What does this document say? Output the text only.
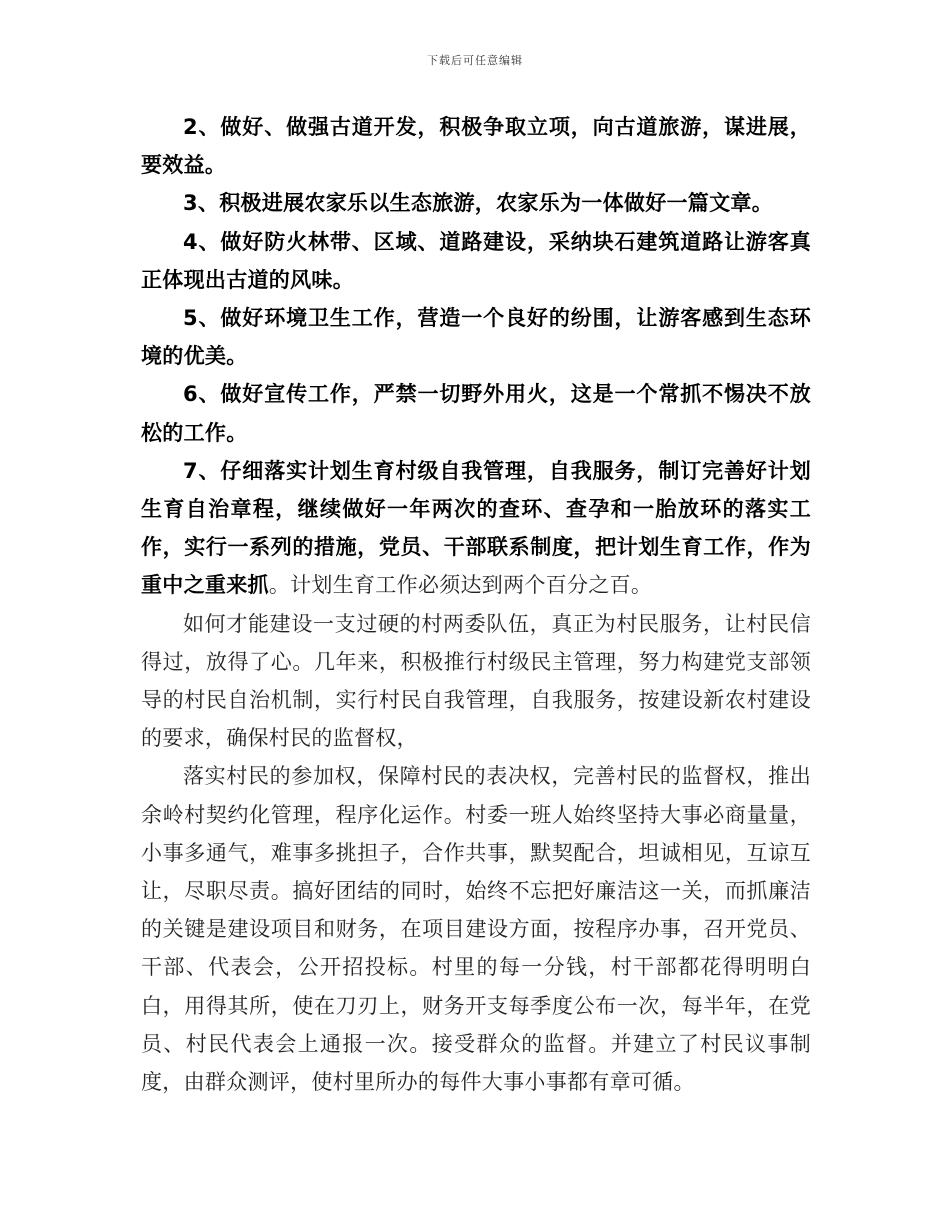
下载后可任意编辑

2、做好、做强古道开发，积极争取立项，向古道旅游，谋进展，要效益。

3、积极进展农家乐以生态旅游，农家乐为一体做好一篇文章。

4、做好防火林带、区域、道路建设，采纳块石建筑道路让游客真正体现出古道的风味。

5、做好环境卫生工作，营造一个良好的纷围，让游客感到生态环境的优美。

6、做好宣传工作，严禁一切野外用火，这是一个常抓不惕决不放松的工作。

7、仔细落实计划生育村级自我管理，自我服务，制订完善好计划生育自治章程，继续做好一年两次的查环、查孕和一胎放环的落实工作，实行一系列的措施，党员、干部联系制度，把计划生育工作，作为重中之重来抓。计划生育工作必须达到两个百分之百。

如何才能建设一支过硬的村两委队伍，真正为村民服务，让村民信得过，放得了心。几年来，积极推行村级民主管理，努力构建党支部领导的村民自治机制，实行村民自我管理，自我服务，按建设新农村建设的要求，确保村民的监督权，

落实村民的参加权，保障村民的表决权，完善村民的监督权，推出余岭村契约化管理，程序化运作。村委一班人始终坚持大事必商量量，小事多通气，难事多挑担子，合作共事，默契配合，坦诚相见，互谅互让，尽职尽责。搞好团结的同时，始终不忘把好廉洁这一关，而抓廉洁的关键是建设项目和财务，在项目建设方面，按程序办事，召开党员、干部、代表会，公开招投标。村里的每一分钱，村干部都花得明明白白，用得其所，使在刀刃上，财务开支每季度公布一次，每半年，在党员、村民代表会上通报一次。接受群众的监督。并建立了村民议事制度，由群众测评，使村里所办的每件大事小事都有章可循。
